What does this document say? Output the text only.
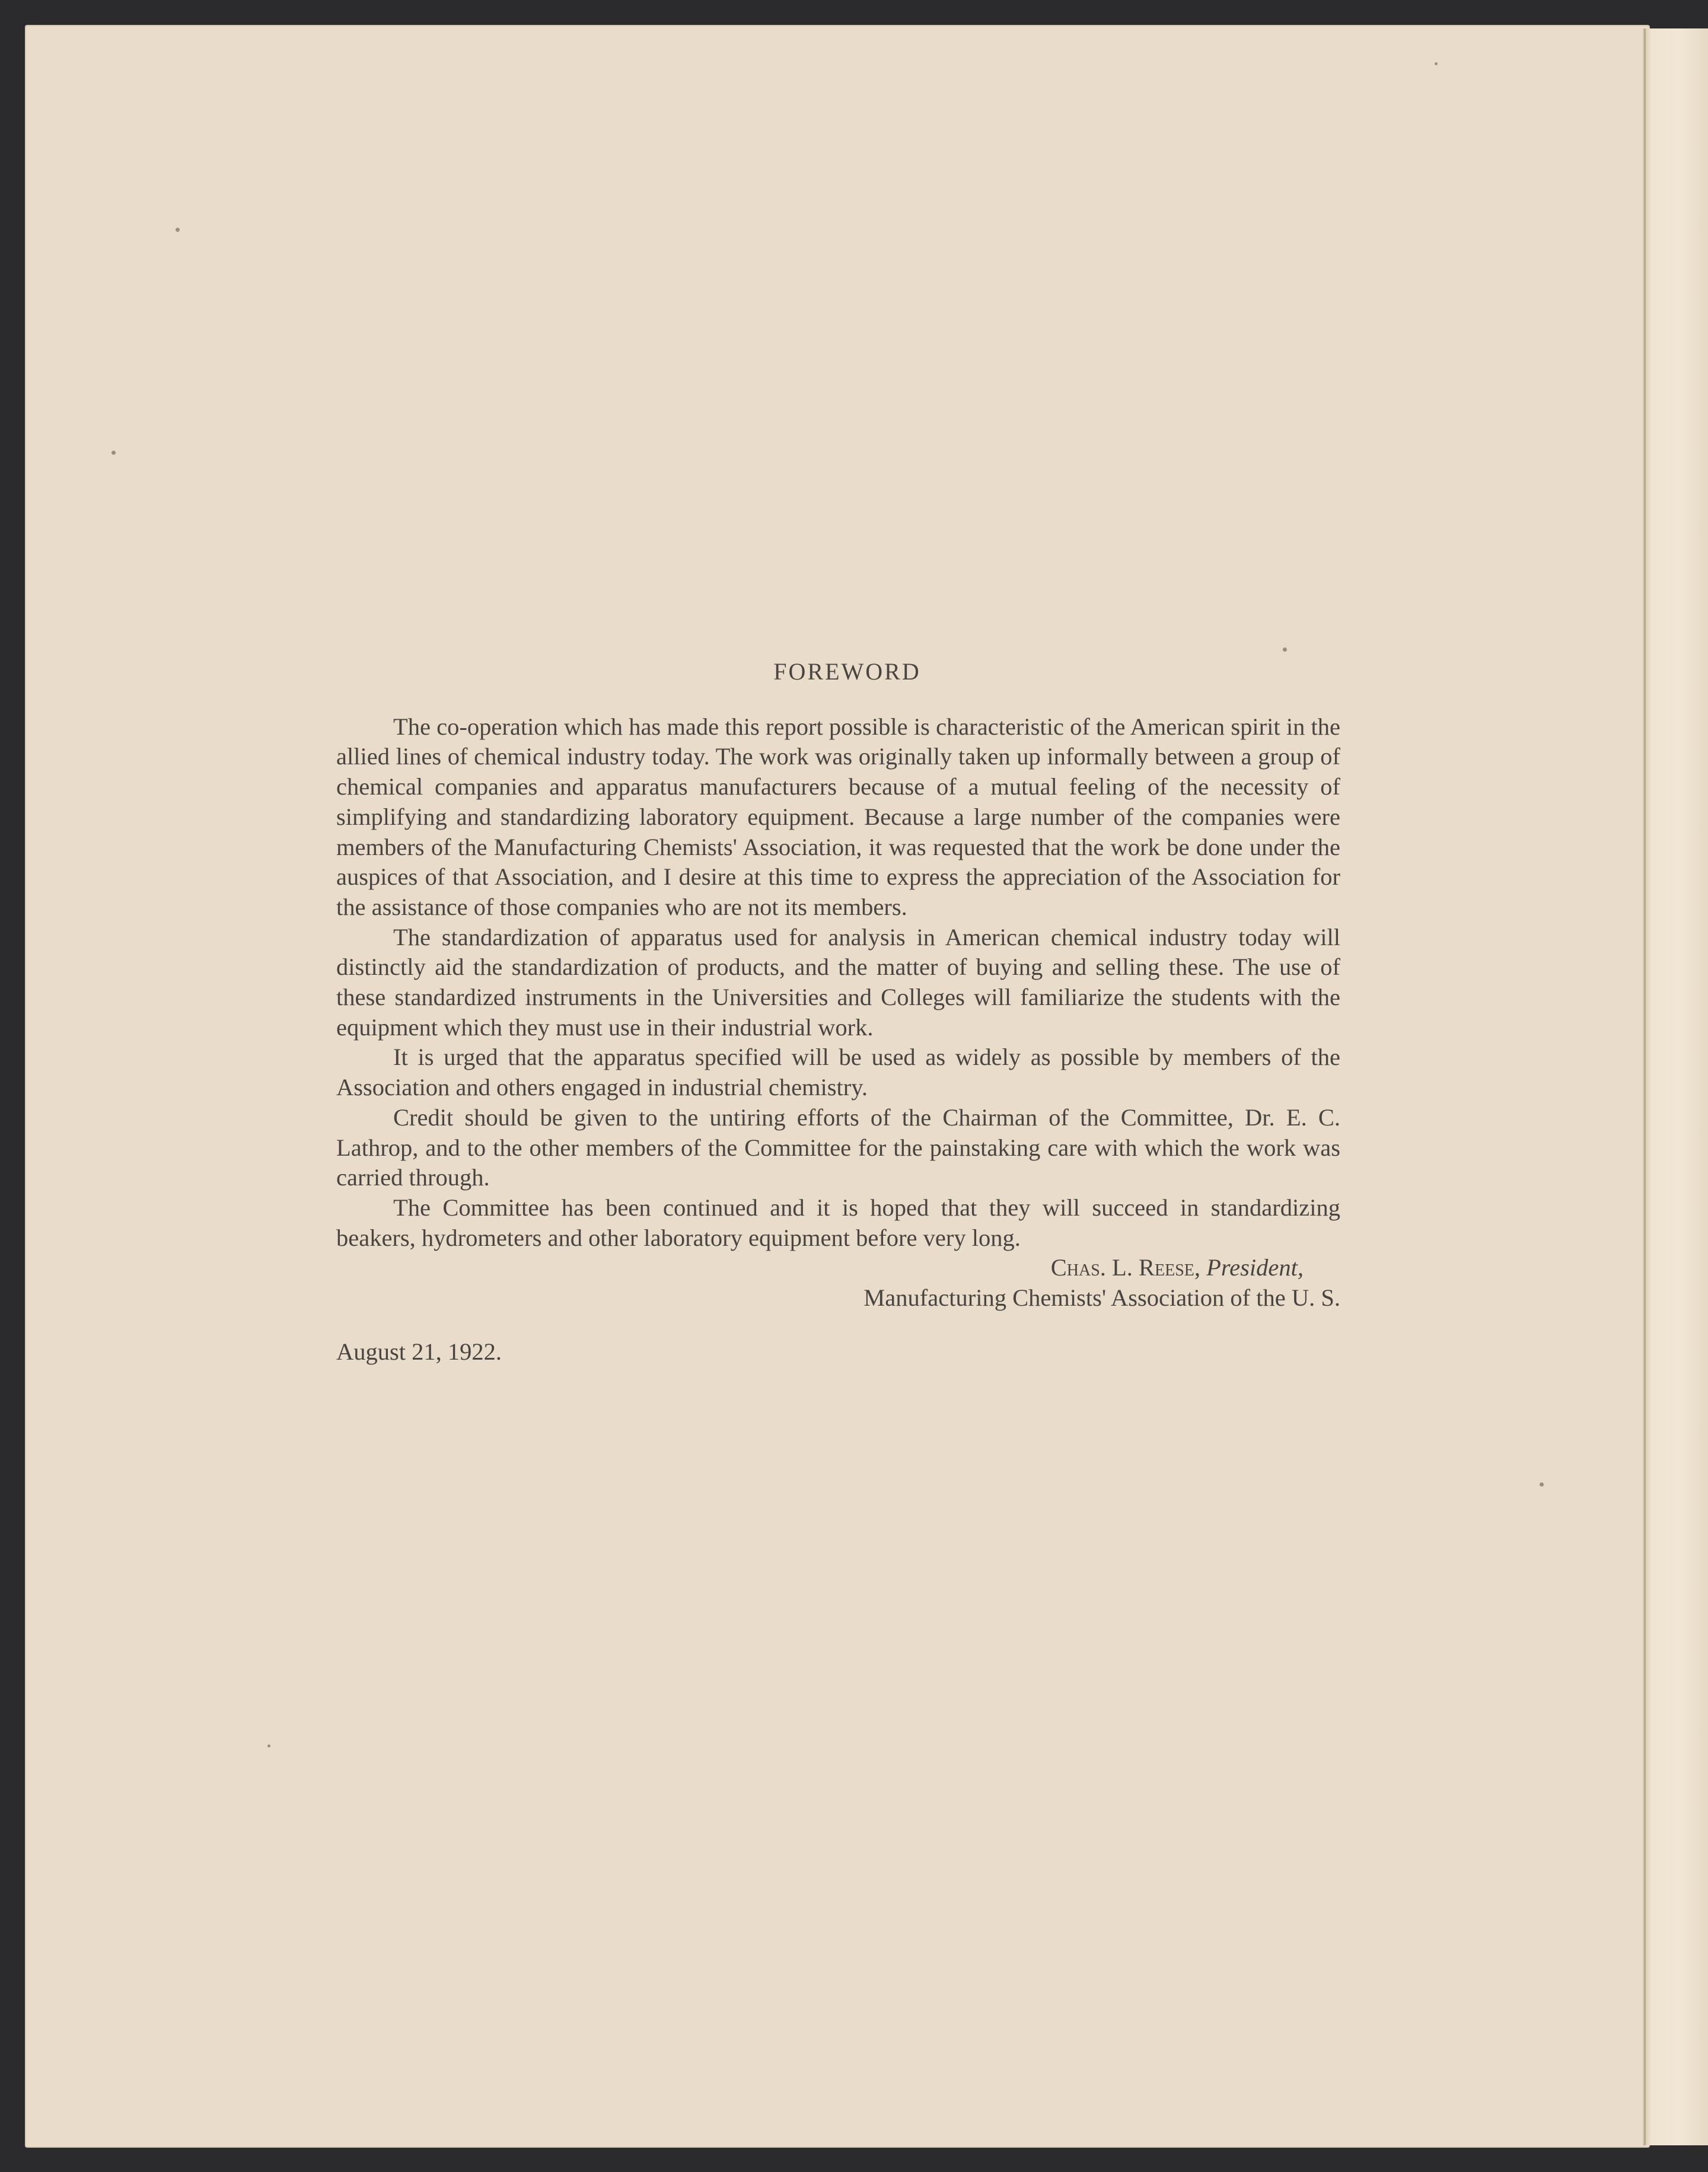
FOREWORD

The co-operation which has made this report possible is characteristic of the American spirit in the allied lines of chemical industry today. The work was originally taken up informally between a group of chemical companies and apparatus manufacturers because of a mutual feeling of the necessity of simplifying and standardizing laboratory equipment. Because a large number of the companies were members of the Manufacturing Chemists' Association, it was requested that the work be done under the auspices of that Association, and I desire at this time to express the appreciation of the Association for the assistance of those companies who are not its members.

The standardization of apparatus used for analysis in American chemical industry today will distinctly aid the standardization of products, and the matter of buying and selling these. The use of these standardized instruments in the Universities and Colleges will familiarize the students with the equipment which they must use in their industrial work.

It is urged that the apparatus specified will be used as widely as possible by members of the Association and others engaged in industrial chemistry.

Credit should be given to the untiring efforts of the Chairman of the Committee, Dr. E. C. Lathrop, and to the other members of the Committee for the painstaking care with which the work was carried through.

The Committee has been continued and it is hoped that they will succeed in standardizing beakers, hydrometers and other laboratory equipment before very long.

Chas. L. Reese, President,

Manufacturing Chemists' Association of the U. S.

August 21, 1922.
